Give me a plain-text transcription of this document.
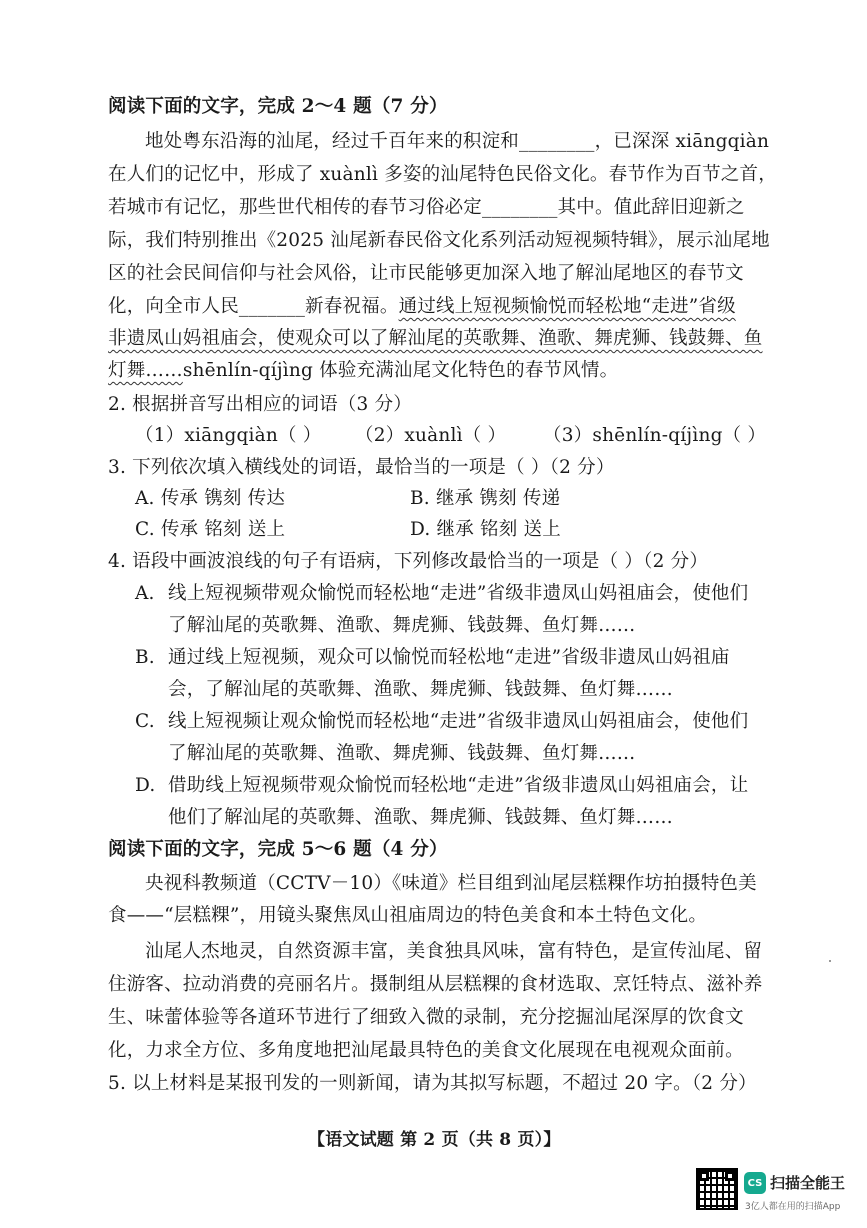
阅读下面的文字，完成 2～4 题（7 分）
地处粤东沿海的汕尾，经过千百年来的积淀和________，已深深 xiāngqiàn
在人们的记忆中，形成了 xuànlì 多姿的汕尾特色民俗文化。春节作为百节之首，
若城市有记忆，那些世代相传的春节习俗必定________其中。值此辞旧迎新之
际，我们特别推出《2025 汕尾新春民俗文化系列活动短视频特辑》，展示汕尾地
区的社会民间信仰与社会风俗，让市民能够更加深入地了解汕尾地区的春节文
化，向全市人民_______新春祝福。通过线上短视频愉悦而轻松地“走进”省级
非遗凤山妈祖庙会，使观众可以了解汕尾的英歌舞、渔歌、舞虎狮、钱鼓舞、鱼
灯舞……shēnlín-qíjìng 体验充满汕尾文化特色的春节风情。
2. 根据拼音写出相应的词语（3 分）
（1）xiāngqiàn（ ） （2）xuànlì（ ） （3）shēnlín-qíjìng（ ）
3. 下列依次填入横线处的词语，最恰当的一项是（ ）（2 分）
A. 传承 镌刻 传达	B. 继承 镌刻 传递
C. 传承 铭刻 送上	D. 继承 铭刻 送上
4. 语段中画波浪线的句子有语病，下列修改最恰当的一项是（ ）（2 分）
A. 线上短视频带观众愉悦而轻松地“走进”省级非遗凤山妈祖庙会，使他们
了解汕尾的英歌舞、渔歌、舞虎狮、钱鼓舞、鱼灯舞……
B. 通过线上短视频，观众可以愉悦而轻松地“走进”省级非遗凤山妈祖庙
会，了解汕尾的英歌舞、渔歌、舞虎狮、钱鼓舞、鱼灯舞……
C. 线上短视频让观众愉悦而轻松地“走进”省级非遗凤山妈祖庙会，使他们
了解汕尾的英歌舞、渔歌、舞虎狮、钱鼓舞、鱼灯舞……
D. 借助线上短视频带观众愉悦而轻松地“走进”省级非遗凤山妈祖庙会，让
他们了解汕尾的英歌舞、渔歌、舞虎狮、钱鼓舞、鱼灯舞……
阅读下面的文字，完成 5～6 题（4 分）
央视科教频道（CCTV－10）《味道》栏目组到汕尾层糕粿作坊拍摄特色美
食——“层糕粿”，用镜头聚焦凤山祖庙周边的特色美食和本土特色文化。
汕尾人杰地灵，自然资源丰富，美食独具风味，富有特色，是宣传汕尾、留
住游客、拉动消费的亮丽名片。摄制组从层糕粿的食材选取、烹饪特点、滋补养
生、味蕾体验等各道环节进行了细致入微的录制，充分挖掘汕尾深厚的饮食文
化，力求全方位、多角度地把汕尾最具特色的美食文化展现在电视观众面前。
5. 以上材料是某报刊发的一则新闻，请为其拟写标题，不超过 20 字。（2 分）
【语文试题 第 2 页（共 8 页）】
CS 扫描全能王
3亿人都在用的扫描App
